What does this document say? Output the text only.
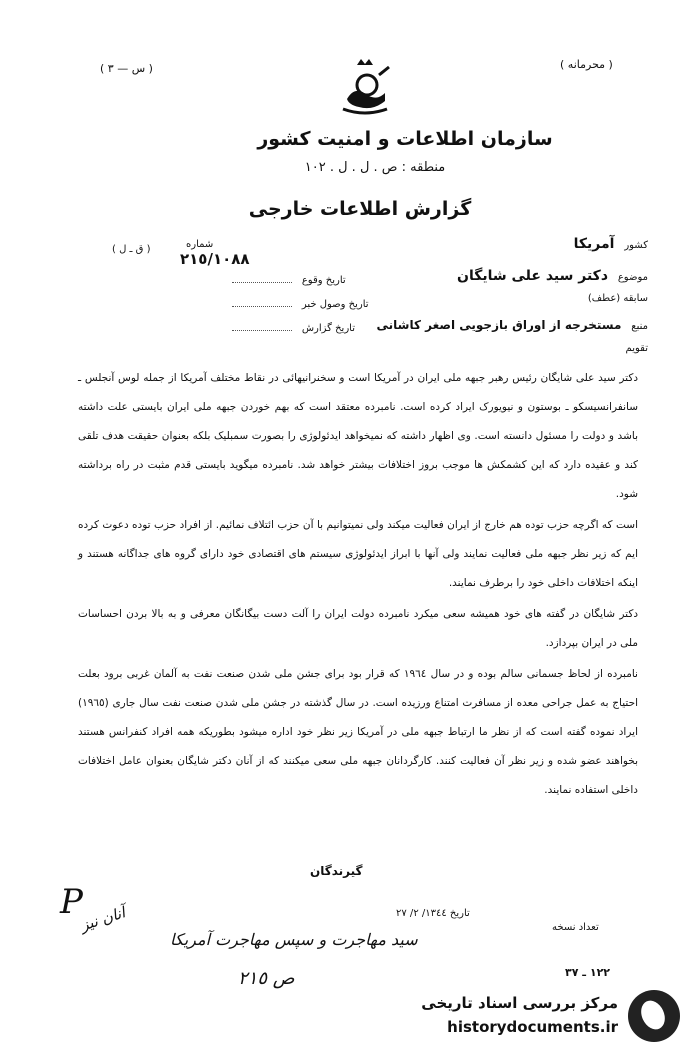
( س — ٣ )	( محرمانه )
سازمان اطلاعات و امنیت کشور
منطقه : ص . ل . ل . ١٠٢
گزارش اطلاعات خارجی
کشور آمریکا
موضوع دکتر سید علی شایگان
سابقه (عطف)
منبع مستخرجه از اوراق بازجویی اصغر کاشانی
تقویم
( ق ـ ل )	شماره
٢١٥/١٠٨٨
تاریخ وقوع
تاریخ وصول خبر
تاریخ گزارش

دکتر سید علی شایگان رئیس رهبر جبهه ملی ایران در آمریکا است و سخنرانیهائی در نقاط مختلف آمریکا از جمله لوس آنجلس ـ سانفرانسیسکو ـ بوستون و نیویورک ایراد کرده است. نامبرده معتقد است که بهم خوردن جبهه ملی ایران بایستی علت داشته باشد و دولت را مسئول دانسته است. وی اظهار داشته که نمیخواهد ایدئولوژی را بصورت سمبلیک بلکه بعنوان حقیقت هدف تلقی کند و عقیده دارد که این کشمکش ها موجب بروز اختلافات بیشتر خواهد شد. نامبرده میگوید بایستی قدم مثبت در راه برداشته شود.

است که اگرچه حزب توده هم خارج از ایران فعالیت میکند ولی نمیتوانیم با آن حزب ائتلاف نمائیم. از افراد حزب توده دعوت کرده ایم که زیر نظر جبهه ملی فعالیت نمایند ولی آنها با ابراز ایدئولوژی سیستم های اقتصادی خود دارای گروه های جداگانه هستند و اینکه اختلافات داخلی خود را برطرف نمایند.

دکتر شایگان در گفته های خود همیشه سعی میکرد نامبرده دولت ایران را آلت دست بیگانگان معرفی و به بالا بردن احساسات ملی در ایران بپردازد.

نامبرده از لحاظ جسمانی سالم بوده و در سال ١٩٦٤ که قرار بود برای جشن ملی شدن صنعت نفت به آلمان غربی برود بعلت احتیاج به عمل جراحی معده از مسافرت امتناع ورزیده است. در سال گذشته در جشن ملی شدن صنعت نفت سال جاری (١٩٦٥) ایراد نموده گفته است که از نظر ما ارتباط جبهه ملی در آمریکا زیر نظر خود اداره میشود بطوریکه همه افراد کنفرانس هستند بخواهند عضو شده و زیر نظر آن فعالیت کنند. کارگردانان جبهه ملی سعی میکنند که از آنان دکتر شایگان بعنوان عامل اختلافات داخلی استفاده نمایند.

گیرندگان
تاریخ ١٣٤٤/ ٢/ ٢٧
تعداد نسخه
١٢٢ ـ ٣٧
P
سید مهاجرت و سپس مهاجرت آمریکا
آنان نیز
ص ٢١٥
مرکز بررسی اسناد تاریخی
historydocuments.ir
